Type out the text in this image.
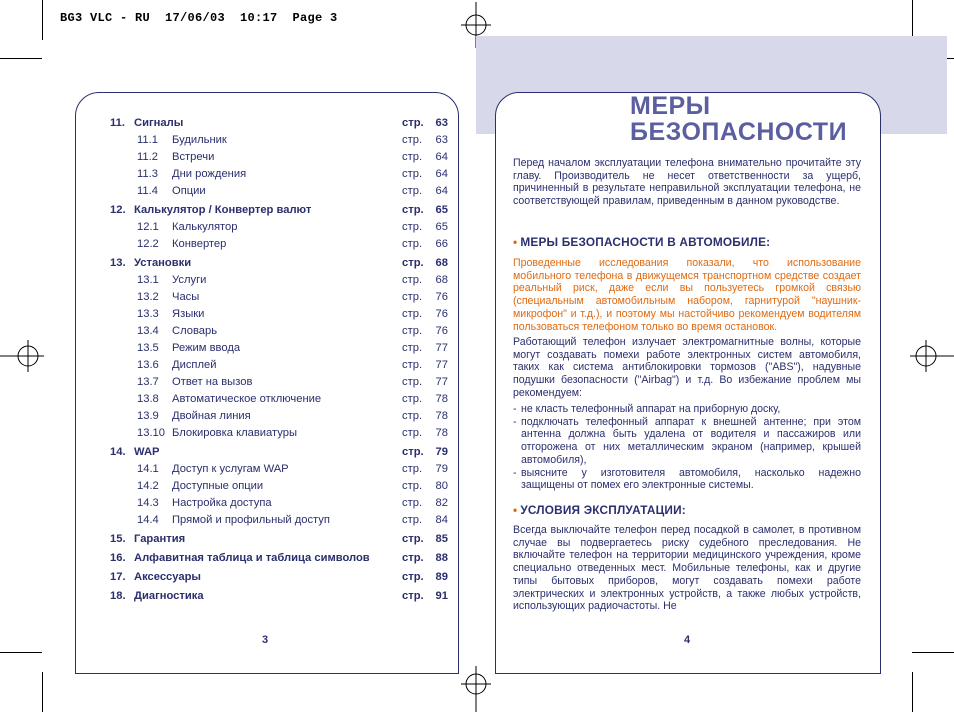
BG3 VLC - RU  17/06/03  10:17  Page 3
11. Сигналы	стр. 63
11.1 Будильник	стр. 63
11.2 Встречи	стр. 64
11.3 Дни рождения	стр. 64
11.4 Опции	стр. 64
12. Калькулятор / Конвертер валют	стр. 65
12.1 Калькулятор	стр. 65
12.2 Конвертер	стр. 66
13. Установки	стр. 68
13.1 Услуги	стр. 68
13.2 Часы	стр. 76
13.3 Языки	стр. 76
13.4 Словарь	стр. 76
13.5 Режим ввода	стр. 77
13.6 Дисплей	стр. 77
13.7 Ответ на вызов	стр. 77
13.8 Автоматическое отключение	стр. 78
13.9 Двойная линия	стр. 78
13.10 Блокировка клавиатуры	стр. 78
14. WAP	стр. 79
14.1 Доступ к услугам WAP	стр. 79
14.2 Доступные опции	стр. 80
14.3 Настройка доступа	стр. 82
14.4 Прямой и профильный доступ	стр. 84
15. Гарантия	стр. 85
16. Алфавитная таблица и таблица символов	стр. 88
17. Аксессуары	стр. 89
18. Диагностика	стр. 91
3
МЕРЫ
БЕЗОПАСНОСТИ
Перед началом эксплуатации телефона внимательно прочитайте эту главу. Производитель не несет ответственности за ущерб, причиненный в результате неправильной эксплуатации телефона, не соответствующей правилам, приведенным в данном руководстве.
• МЕРЫ БЕЗОПАСНОСТИ В АВТОМОБИЛЕ:
Проведенные исследования показали, что использование мобильного телефона в движущемся транспортном средстве создает реальный риск, даже если вы пользуетесь громкой связью (специальным автомобильным набором, гарнитурой "наушник-микрофон" и т.д.), и поэтому мы настойчиво рекомендуем водителям пользоваться телефоном только во время остановок.
Работающий телефон излучает электромагнитные волны, которые могут создавать помехи работе электронных систем автомобиля, таких как система антиблокировки тормозов ("ABS"), надувные подушки безопасности ("Airbag") и т.д. Во избежание проблем мы рекомендуем:
- не класть телефонный аппарат на приборную доску,
- подключать телефонный аппарат к внешней антенне; при этом антенна должна быть удалена от водителя и пассажиров или отгорожена от них металлическим экраном (например, крышей автомобиля),
- выясните у изготовителя автомобиля, насколько надежно защищены от помех его электронные системы.
• УСЛОВИЯ ЭКСПЛУАТАЦИИ:
Всегда выключайте телефон перед посадкой в самолет, в противном случае вы подвергаетесь риску судебного преследования. Не включайте телефон на территории медицинского учреждения, кроме специально отведенных мест. Мобильные телефоны, как и другие типы бытовых приборов, могут создавать помехи работе электрических и электронных устройств, а также любых устройств, использующих радиочастоты. Не
4
